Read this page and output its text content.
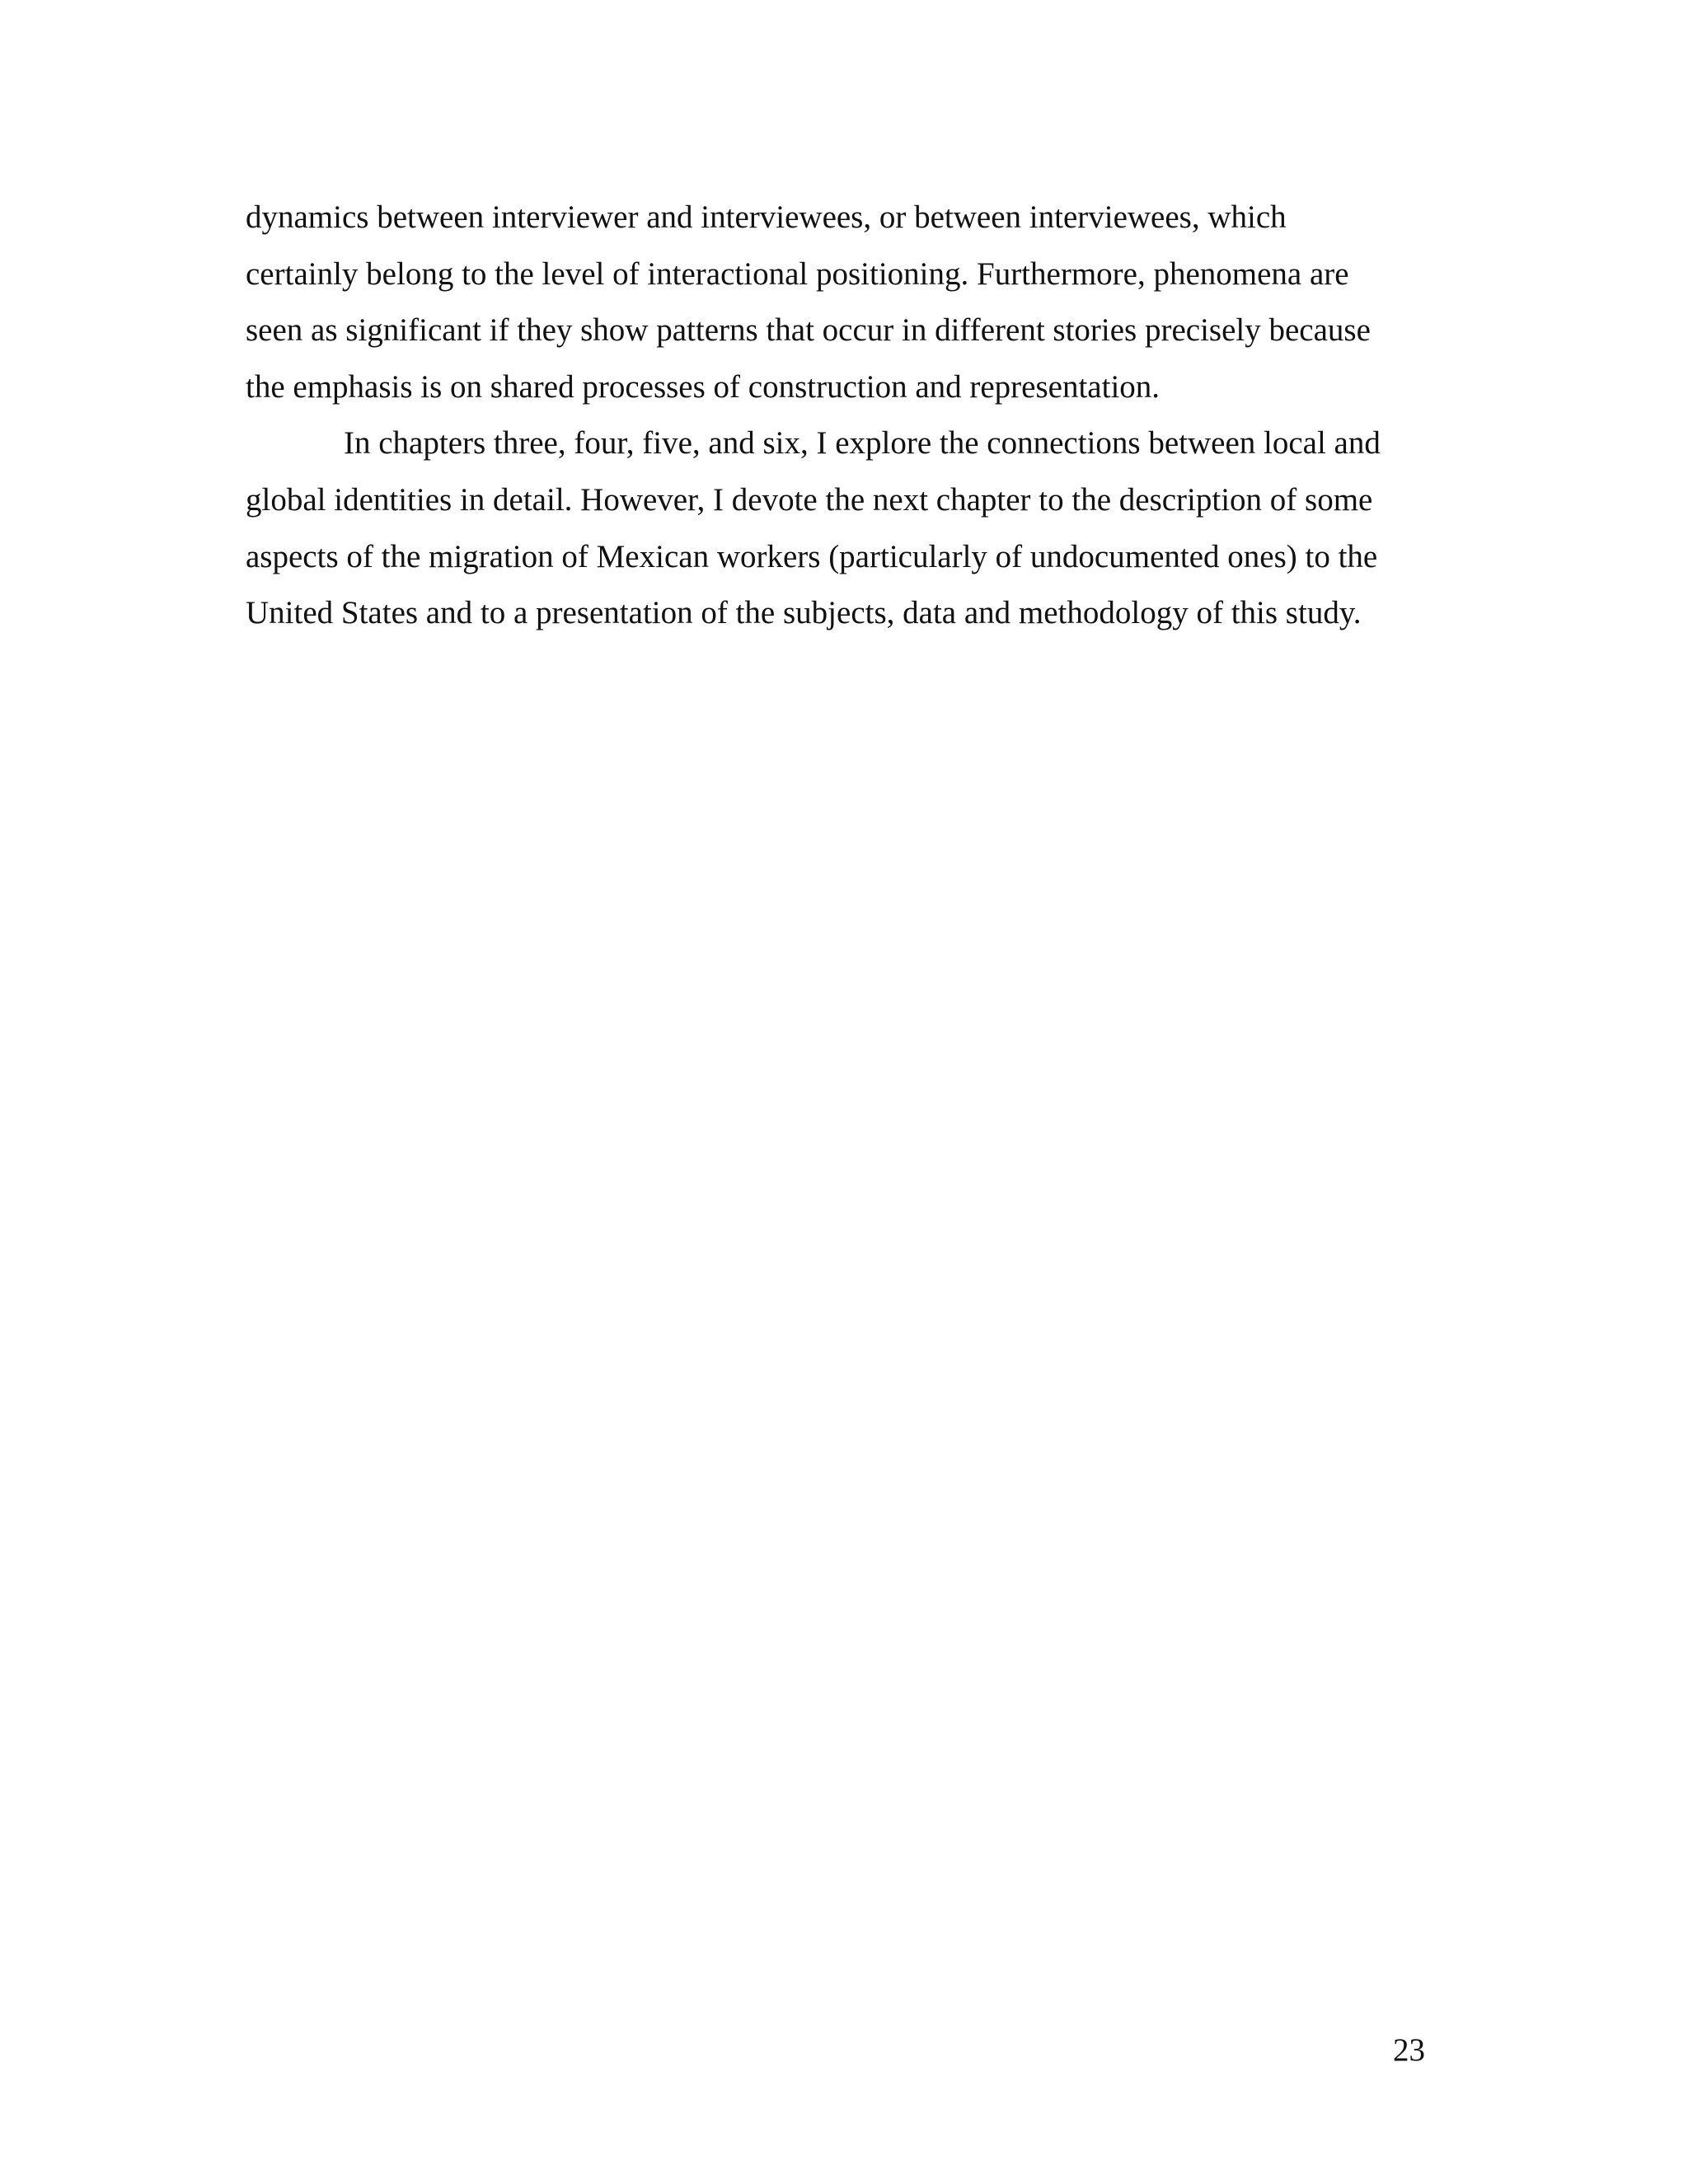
dynamics between interviewer and interviewees, or between interviewees, which
certainly belong to the level of interactional positioning. Furthermore, phenomena are
seen as significant if they show patterns that occur in different stories precisely because
the emphasis is on shared processes of construction and representation.
In chapters three, four, five, and six, I explore the connections between local and
global identities in detail. However, I devote the next chapter to the description of some
aspects of the migration of Mexican workers (particularly of undocumented ones) to the
United States and to a presentation of the subjects, data and methodology of this study.
23
